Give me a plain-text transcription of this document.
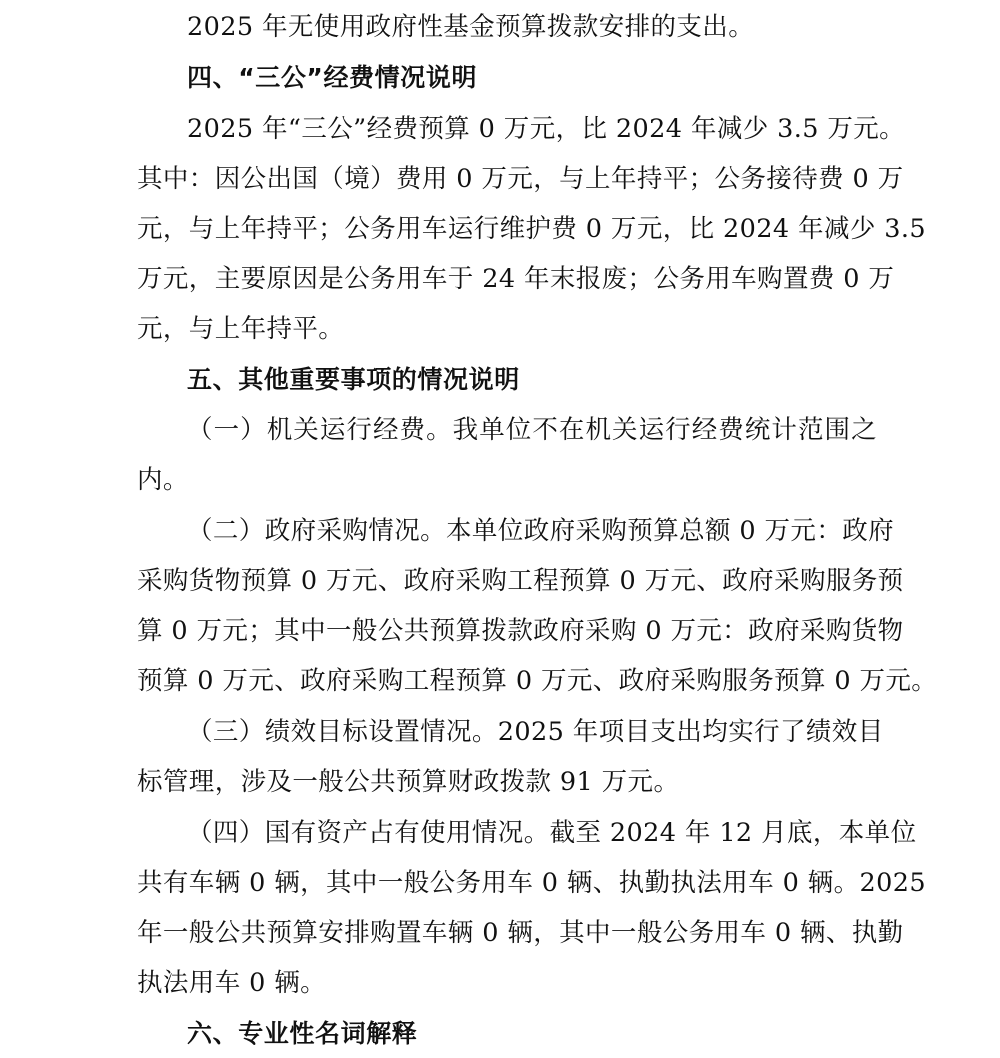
2025 年无使用政府性基金预算拨款安排的支出。
四、“三公”经费情况说明
2025 年“三公”经费预算 0 万元，比 2024 年减少 3.5 万元。
其中：因公出国（境）费用 0 万元，与上年持平；公务接待费 0 万
元，与上年持平；公务用车运行维护费 0 万元，比 2024 年减少 3.5
万元，主要原因是公务用车于 24 年末报废；公务用车购置费 0 万
元，与上年持平。
五、其他重要事项的情况说明
（一）机关运行经费。我单位不在机关运行经费统计范围之
内。
（二）政府采购情况。本单位政府采购预算总额 0 万元：政府
采购货物预算 0 万元、政府采购工程预算 0 万元、政府采购服务预
算 0 万元；其中一般公共预算拨款政府采购 0 万元：政府采购货物
预算 0 万元、政府采购工程预算 0 万元、政府采购服务预算 0 万元。
（三）绩效目标设置情况。2025 年项目支出均实行了绩效目
标管理，涉及一般公共预算财政拨款 91 万元。
（四）国有资产占有使用情况。截至 2024 年 12 月底，本单位
共有车辆 0 辆，其中一般公务用车 0 辆、执勤执法用车 0 辆。2025
年一般公共预算安排购置车辆 0 辆，其中一般公务用车 0 辆、执勤
执法用车 0 辆。
六、专业性名词解释
